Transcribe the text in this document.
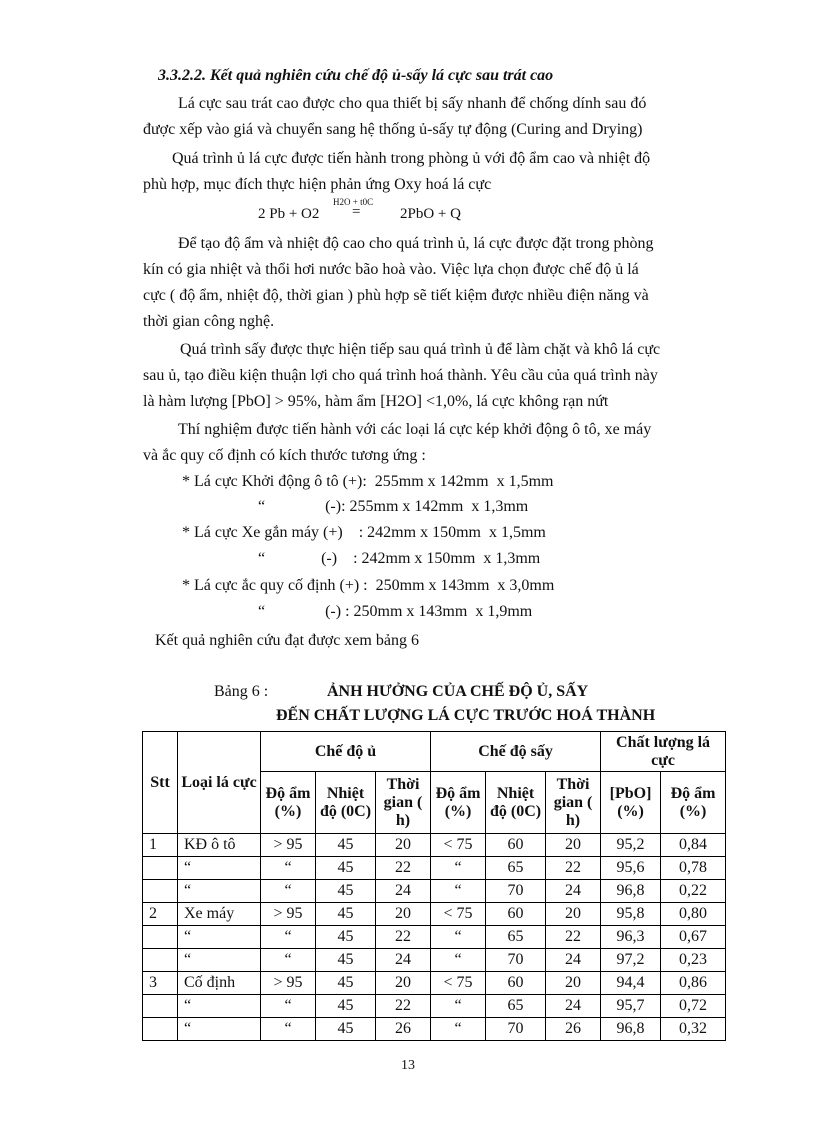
3.3.2.2. Kết quả nghiên cứu chế độ ủ-sấy lá cực sau trát cao
Lá cực sau trát cao được cho qua thiết bị sấy nhanh để chống dính sau đó
được xếp vào giá và chuyển sang hệ thống ủ-sấy tự động (Curing and Drying)
Quá trình ủ lá cực được tiến hành trong phòng ủ với độ ẩm cao và nhiệt độ
phù hợp, mục đích thực hiện phản ứng Oxy hoá lá cực
H2O + t0C
2 Pb + O2 =	2PbO + Q
Để tạo độ ẩm và nhiệt độ cao cho quá trình ủ, lá cực được đặt trong phòng
kín có gia nhiệt và thổi hơi nước bão hoà vào. Việc lựa chọn được chế độ ủ lá
cực ( độ ẩm, nhiệt độ, thời gian ) phù hợp sẽ tiết kiệm được nhiều điện năng và
thời gian công nghệ.
Quá trình sấy được thực hiện tiếp sau quá trình ủ để làm chặt và khô lá cực
sau ủ, tạo điều kiện thuận lợi cho quá trình hoá thành. Yêu cầu của quá trình này
là hàm lượng [PbO] > 95%, hàm ẩm [H2O] <1,0%, lá cực không rạn nứt
Thí nghiệm được tiến hành với các loại lá cực kép khởi động ô tô, xe máy
và ắc quy cố định có kích thước tương ứng :
* Lá cực Khởi động ô tô (+):  255mm x 142mm  x 1,5mm
“               (-): 255mm x 142mm  x 1,3mm
* Lá cực Xe gắn máy (+)    : 242mm x 150mm  x 1,5mm
“              (-)    : 242mm x 150mm  x 1,3mm
* Lá cực ắc quy cố định (+) :  250mm x 143mm  x 3,0mm
“               (-) : 250mm x 143mm  x 1,9mm
Kết quả nghiên cứu đạt được xem bảng 6
Bảng 6 :	ẢNH HƯỞNG CỦA CHẾ ĐỘ Ủ, SẤY
ĐẾN CHẤT LƯỢNG LÁ CỰC TRƯỚC HOÁ THÀNH
Stt	Loại lá cực	Chế độ ủ			Chế độ sấy			Chất lượng lá cực	
		Độ ẩm (%)	Nhiệt độ (0C)	Thời gian ( h)	Độ ẩm (%)	Nhiệt độ (0C)	Thời gian ( h)	[PbO] (%)	Độ ẩm (%)
1	KĐ ô tô	> 95	45	20	< 75	60	20	95,2	0,84
	“	“	45	22	“	65	22	95,6	0,78
	“	“	45	24	“	70	24	96,8	0,22
2	Xe máy	> 95	45	20	< 75	60	20	95,8	0,80
	“	“	45	22	“	65	22	96,3	0,67
	“	“	45	24	“	70	24	97,2	0,23
3	Cố định	> 95	45	20	< 75	60	20	94,4	0,86
	“	“	45	22	“	65	24	95,7	0,72
	“	“	45	26	“	70	26	96,8	0,32
13
